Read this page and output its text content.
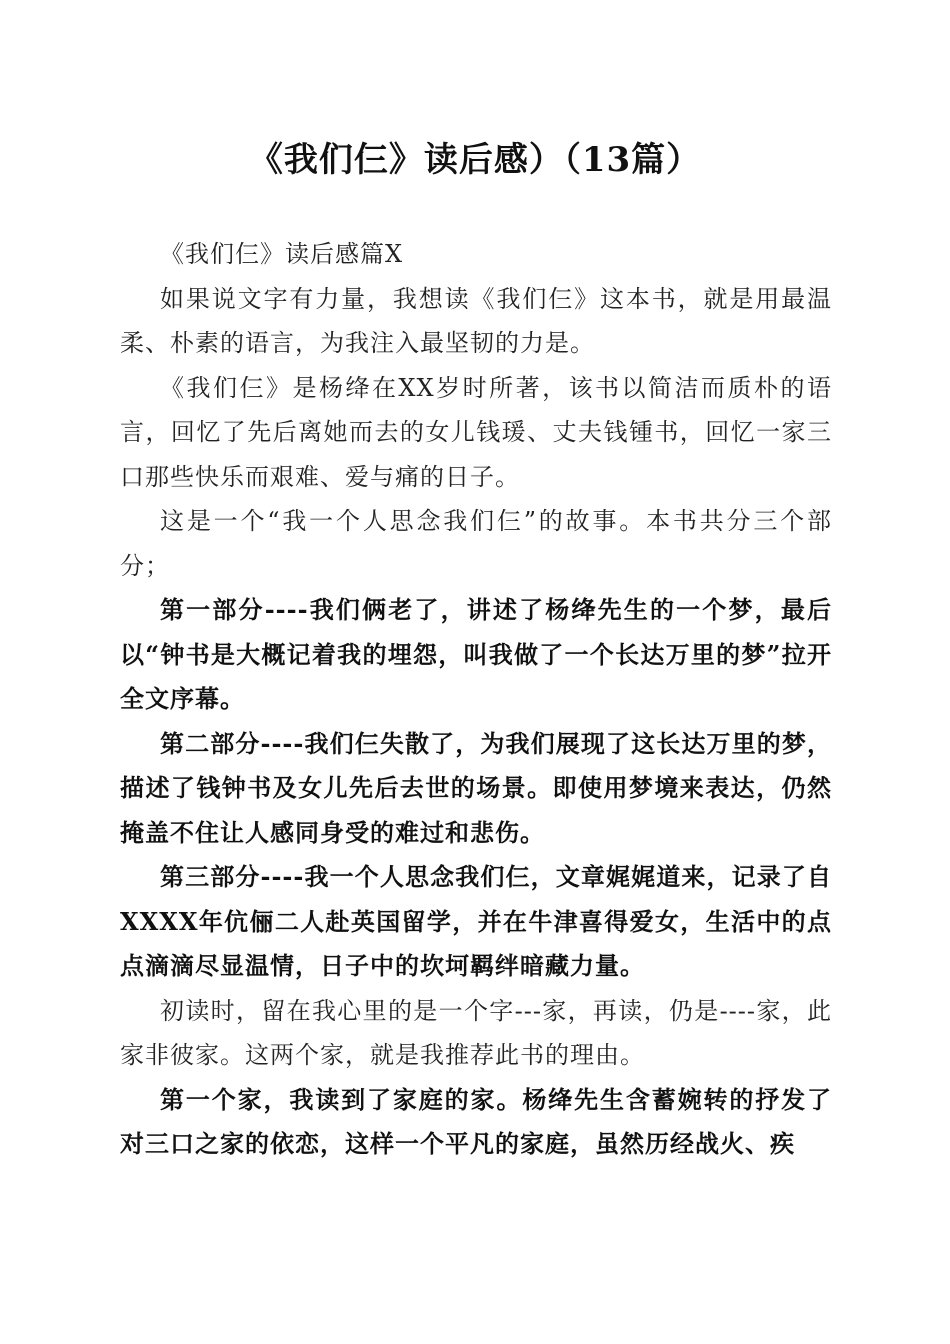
《我们仨》读后感）（13篇）

《我们仨》读后感篇X

如果说文字有力量，我想读《我们仨》这本书，就是用最温柔、朴素的语言，为我注入最坚韧的力是。

《我们仨》是杨绛在XX岁时所著，该书以简洁而质朴的语言，回忆了先后离她而去的女儿钱瑗、丈夫钱锺书，回忆一家三口那些快乐而艰难、爱与痛的日子。

这是一个“我一个人思念我们仨”的故事。本书共分三个部分；

第一部分----我们俩老了，讲述了杨绛先生的一个梦，最后以“钟书是大概记着我的埋怨，叫我做了一个长达万里的梦”拉开全文序幕。

第二部分----我们仨失散了，为我们展现了这长达万里的梦，描述了钱钟书及女儿先后去世的场景。即使用梦境来表达，仍然掩盖不住让人感同身受的难过和悲伤。

第三部分----我一个人思念我们仨，文章娓娓道来，记录了自XXXX年伉俪二人赴英国留学，并在牛津喜得爱女，生活中的点点滴滴尽显温情，日子中的坎坷羁绊暗藏力量。

初读时，留在我心里的是一个字---家，再读，仍是----家，此家非彼家。这两个家，就是我推荐此书的理由。

第一个家，我读到了家庭的家。杨绛先生含蓄婉转的抒发了对三口之家的依恋，这样一个平凡的家庭，虽然历经战火、疾
